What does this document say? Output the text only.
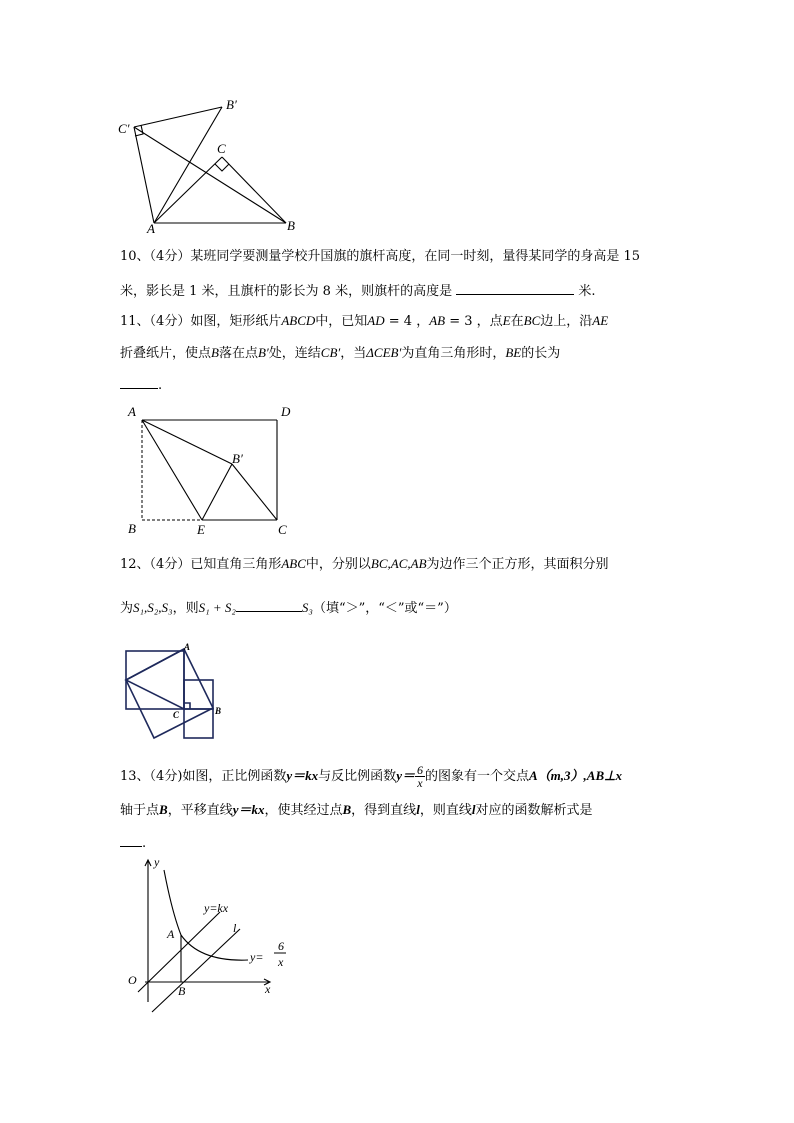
C′
B′
C
A	B
10、（4分）某班同学要测量学校升国旗的旗杆高度，在同一时刻，量得某同学的身高是 15
米，影长是 1 米，且旗杆的影长为 8 米，则旗杆的高度是	米.
11、（4分）如图，矩形纸片ABCD中，已知AD = 4 ，AB = 3 ，点E在BC边上，沿AE
折叠纸片，使点B落在点B′处，连结CB′，当ΔCEB′为直角三角形时，BE的长为
.
A	D
B	E	C
B′
12、（4分）已知直角三角形ABC中，分别以BC,AC,AB为边作三个正方形，其面积分别
为S₁,S₂,S₃，则S₁ + S₂	S₃（填“＞”，“＜”或“＝”）
A
B
C
13、（4分)如图，正比例函数y＝kx与反比例函数$y= \frac{6}{x}$ 的图象有一个交点A（m,3）,AB⊥x
轴于点B，平移直线y＝kx，使其经过点B，得到直线l，则直线l对应的函数解析式是
.
y
y=kx
A	l
y=
6
x
O
B	x
